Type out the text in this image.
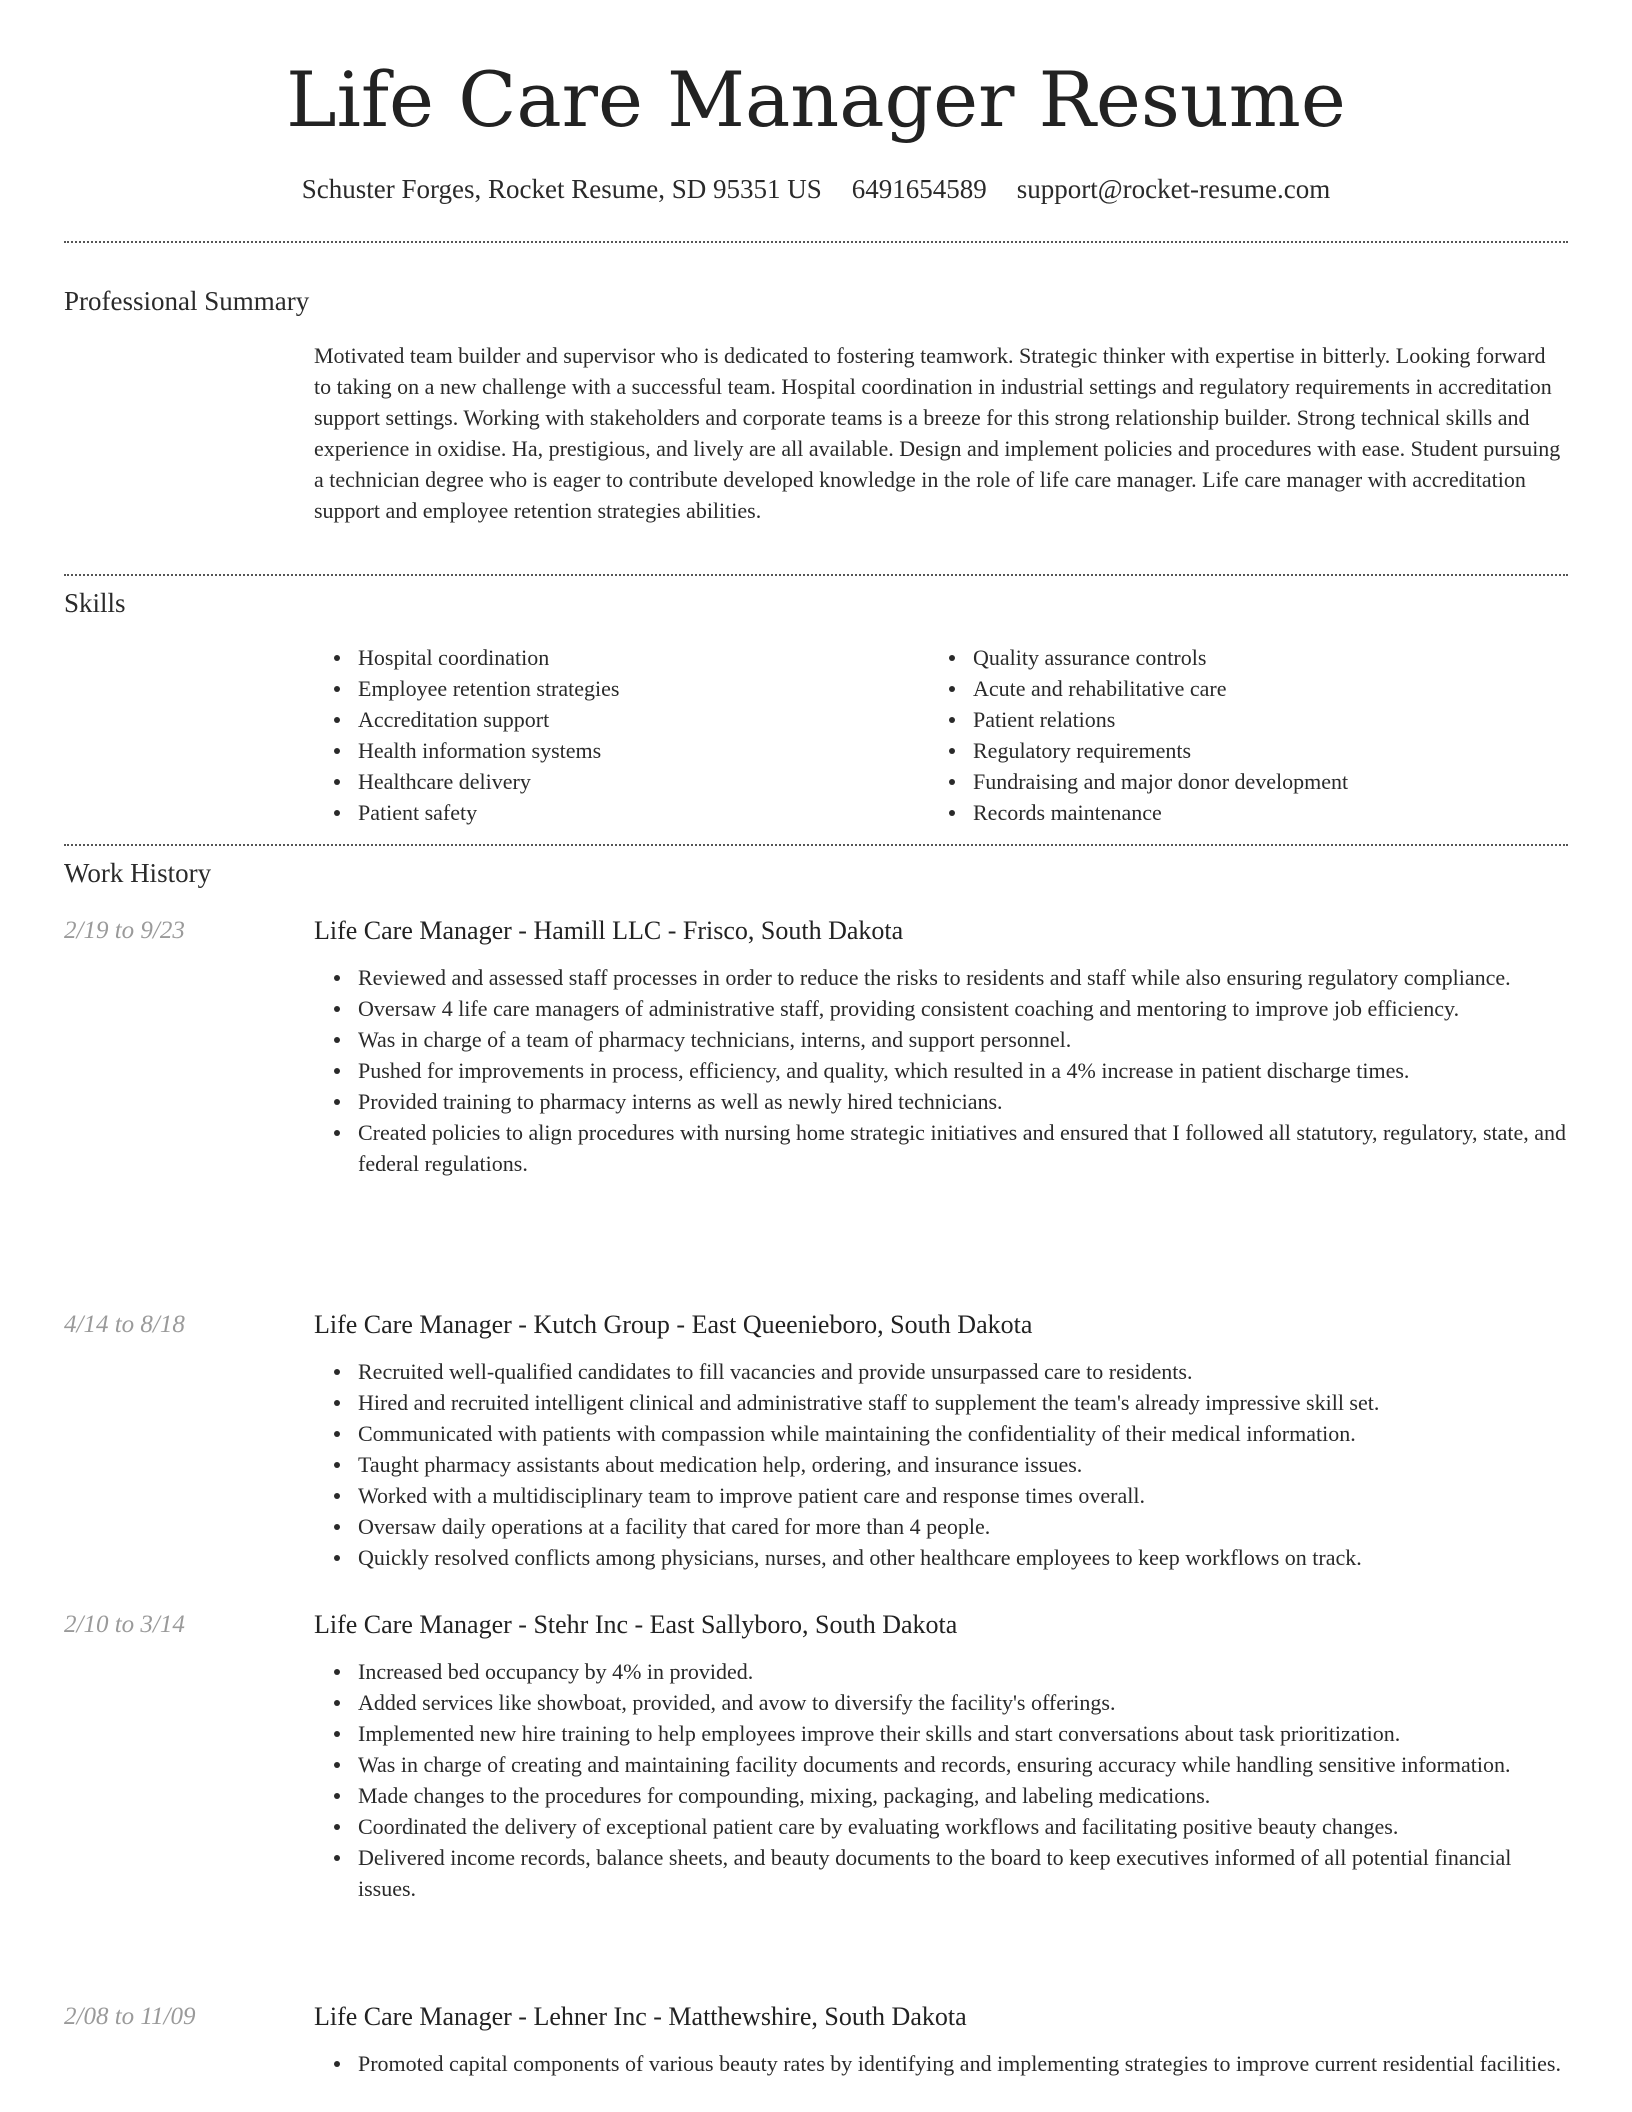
Life Care Manager Resume
Schuster Forges, Rocket Resume, SD 95351 US 6491654589 support@rocket-resume.com
Professional Summary

Motivated team builder and supervisor who is dedicated to fostering teamwork. Strategic thinker with expertise in bitterly. Looking forward to taking on a new challenge with a successful team. Hospital coordination in industrial settings and regulatory requirements in accreditation support settings. Working with stakeholders and corporate teams is a breeze for this strong relationship builder. Strong technical skills and experience in oxidise. Ha, prestigious, and lively are all available. Design and implement policies and procedures with ease. Student pursuing a technician degree who is eager to contribute developed knowledge in the role of life care manager. Life care manager with accreditation support and employee retention strategies abilities.

Skills
Hospital coordination
Employee retention strategies
Accreditation support
Health information systems
Healthcare delivery
Patient safety
Quality assurance controls
Acute and rehabilitative care
Patient relations
Regulatory requirements
Fundraising and major donor development
Records maintenance
Work History
2/19 to 9/23	Life Care Manager - Hamill LLC - Frisco, South Dakota
Reviewed and assessed staff processes in order to reduce the risks to residents and staff while also ensuring regulatory compliance.
Oversaw 4 life care managers of administrative staff, providing consistent coaching and mentoring to improve job efficiency.
Was in charge of a team of pharmacy technicians, interns, and support personnel.
Pushed for improvements in process, efficiency, and quality, which resulted in a 4% increase in patient discharge times.
Provided training to pharmacy interns as well as newly hired technicians.
Created policies to align procedures with nursing home strategic initiatives and ensured that I followed all statutory, regulatory, state, and federal regulations.
4/14 to 8/18	Life Care Manager - Kutch Group - East Queenieboro, South Dakota
Recruited well-qualified candidates to fill vacancies and provide unsurpassed care to residents.
Hired and recruited intelligent clinical and administrative staff to supplement the team's already impressive skill set.
Communicated with patients with compassion while maintaining the confidentiality of their medical information.
Taught pharmacy assistants about medication help, ordering, and insurance issues.
Worked with a multidisciplinary team to improve patient care and response times overall.
Oversaw daily operations at a facility that cared for more than 4 people.
Quickly resolved conflicts among physicians, nurses, and other healthcare employees to keep workflows on track.
2/10 to 3/14	Life Care Manager - Stehr Inc - East Sallyboro, South Dakota
Increased bed occupancy by 4% in provided.
Added services like showboat, provided, and avow to diversify the facility's offerings.
Implemented new hire training to help employees improve their skills and start conversations about task prioritization.
Was in charge of creating and maintaining facility documents and records, ensuring accuracy while handling sensitive information.
Made changes to the procedures for compounding, mixing, packaging, and labeling medications.
Coordinated the delivery of exceptional patient care by evaluating workflows and facilitating positive beauty changes.
Delivered income records, balance sheets, and beauty documents to the board to keep executives informed of all potential financial issues.
2/08 to 11/09	Life Care Manager - Lehner Inc - Matthewshire, South Dakota
Promoted capital components of various beauty rates by identifying and implementing strategies to improve current residential facilities.
